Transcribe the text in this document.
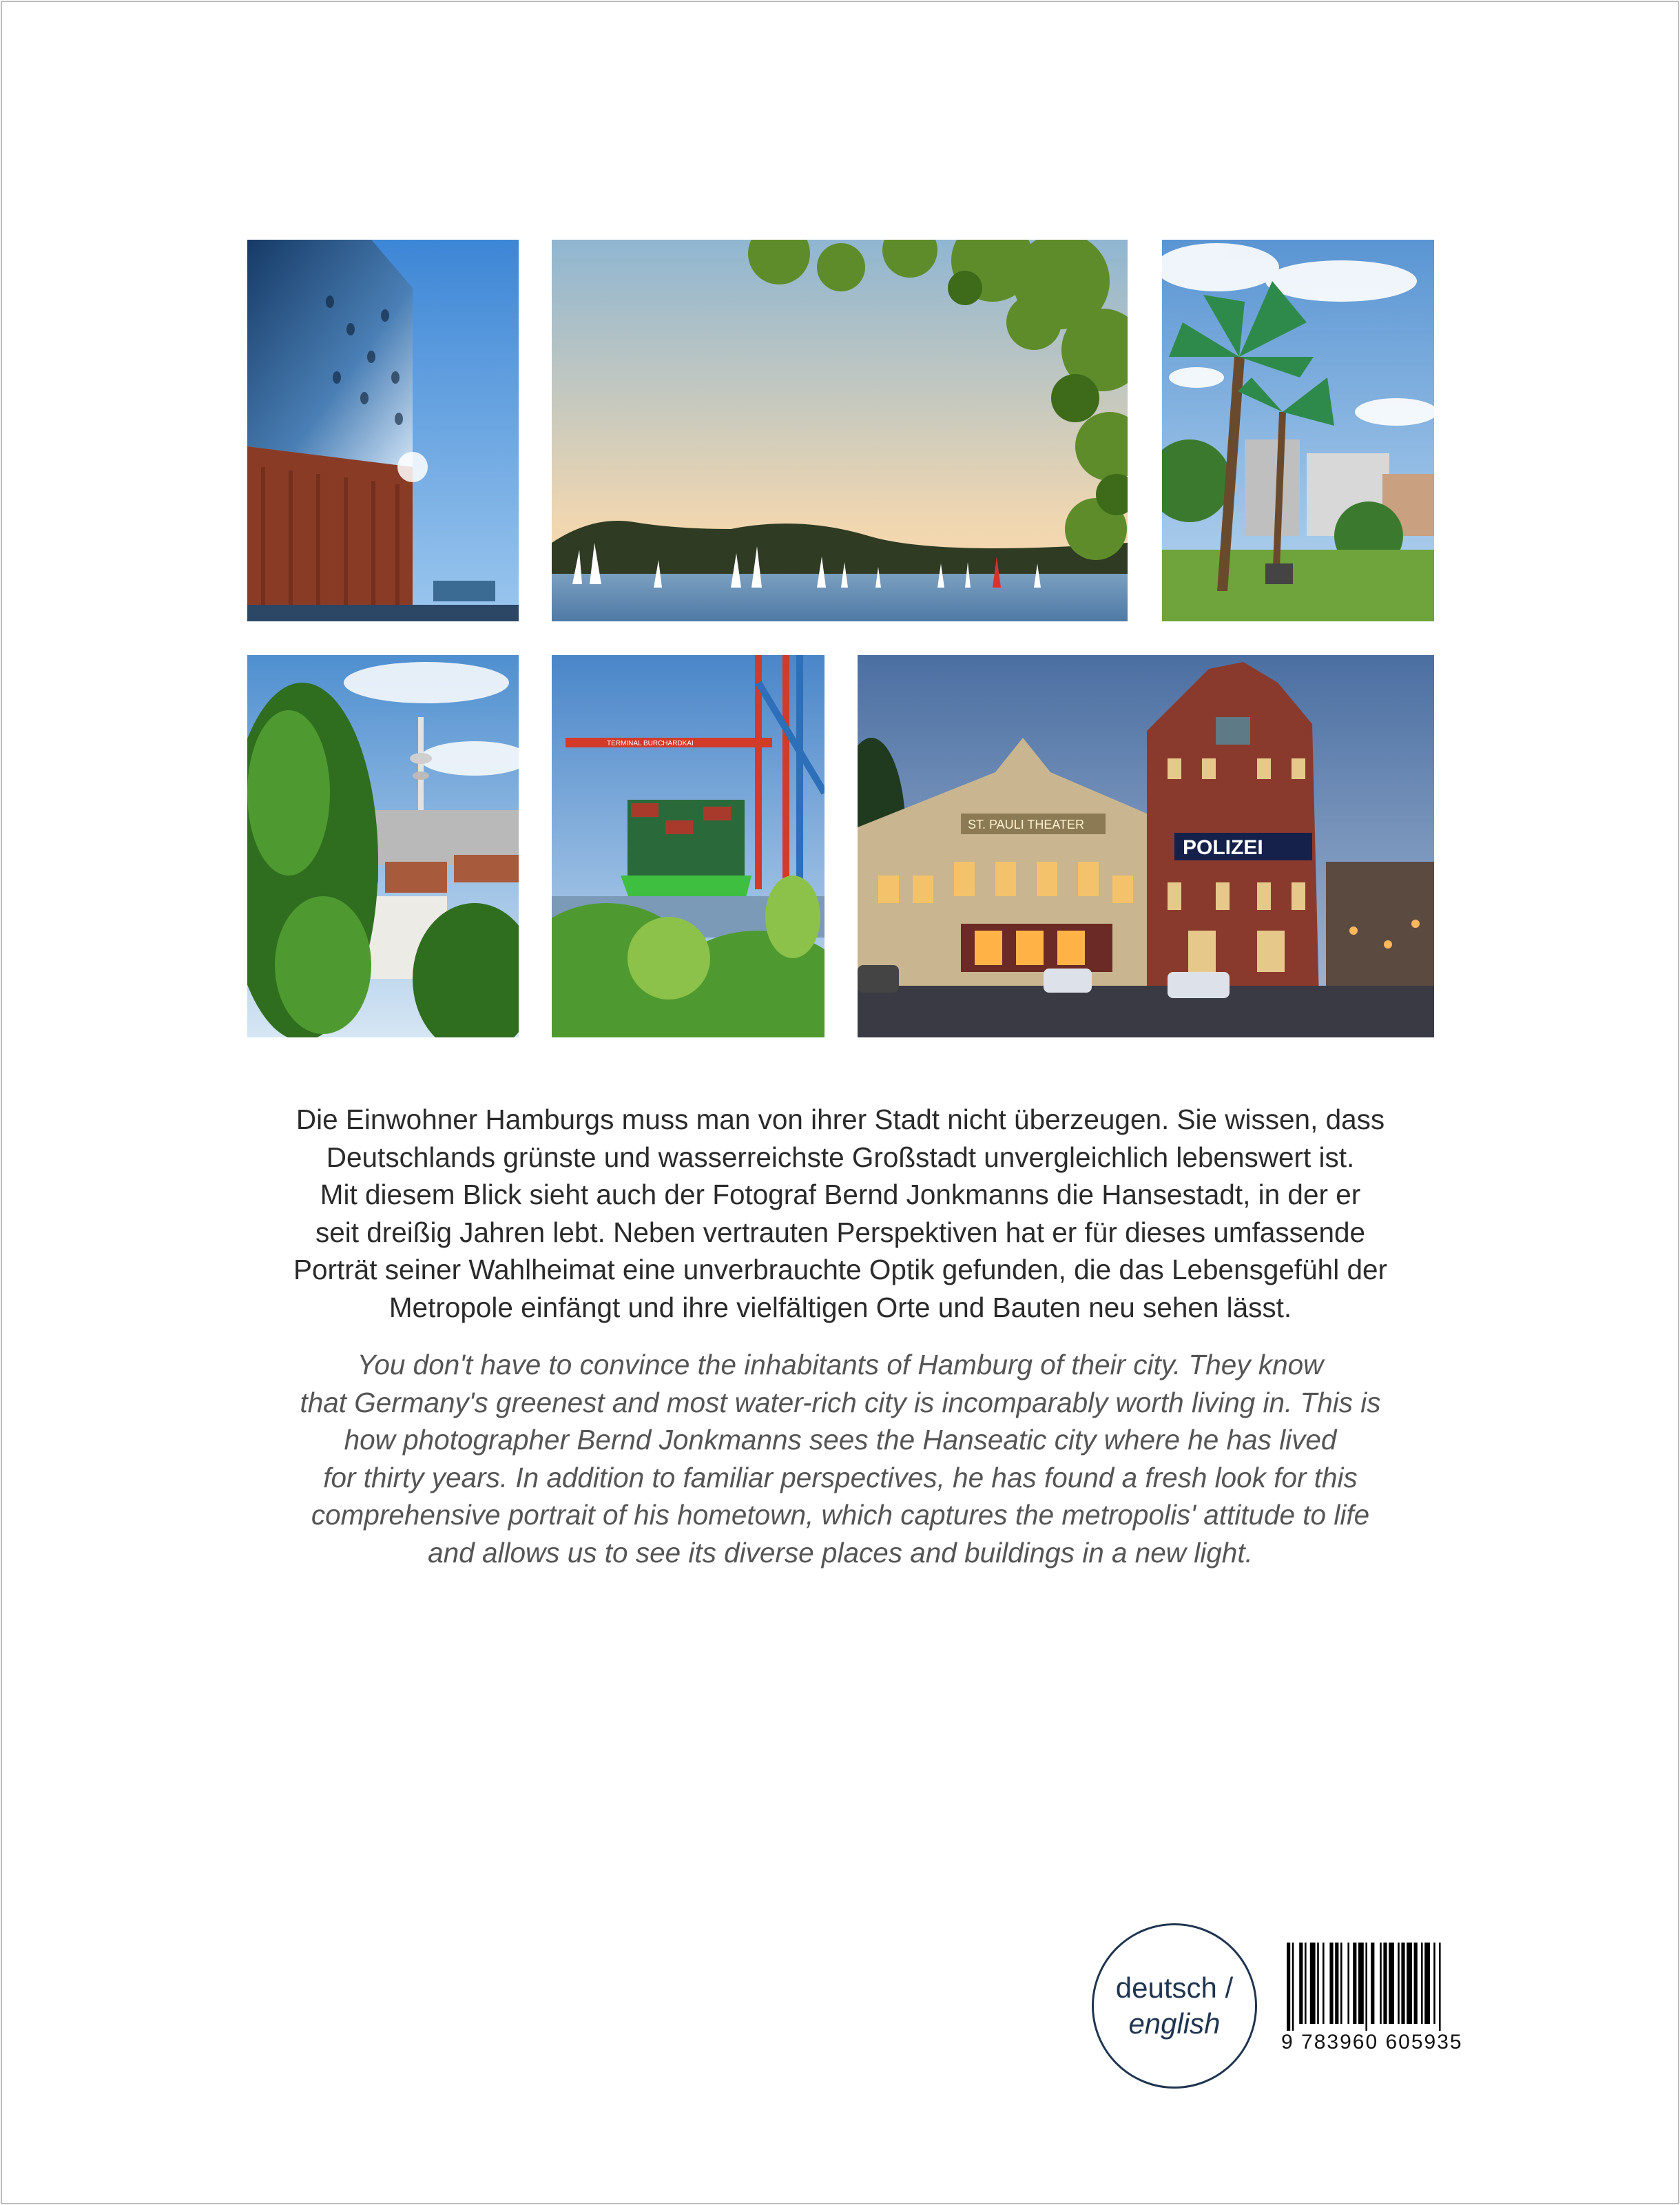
TERMINAL BURCHARDKAI
ST. PAULI THEATER
POLIZEI
Die Einwohner Hamburgs muss man von ihrer Stadt nicht überzeugen. Sie wissen, dass
Deutschlands grünste und wasserreichste Großstadt unvergleichlich lebenswert ist.
Mit diesem Blick sieht auch der Fotograf Bernd Jonkmanns die Hansestadt, in der er
seit dreißig Jahren lebt. Neben vertrauten Perspektiven hat er für dieses umfassende
Porträt seiner Wahlheimat eine unverbrauchte Optik gefunden, die das Lebensgefühl der
Metropole einfängt und ihre vielfältigen Orte und Bauten neu sehen lässt.
You don't have to convince the inhabitants of Hamburg of their city. They know
that Germany's greenest and most water-rich city is incomparably worth living in. This is
how photographer Bernd Jonkmanns sees the Hanseatic city where he has lived
for thirty years. In addition to familiar perspectives, he has found a fresh look for this
comprehensive portrait of his hometown, which captures the metropolis' attitude to life
and allows us to see its diverse places and buildings in a new light.
deutsch /
english
9 783960 605935
